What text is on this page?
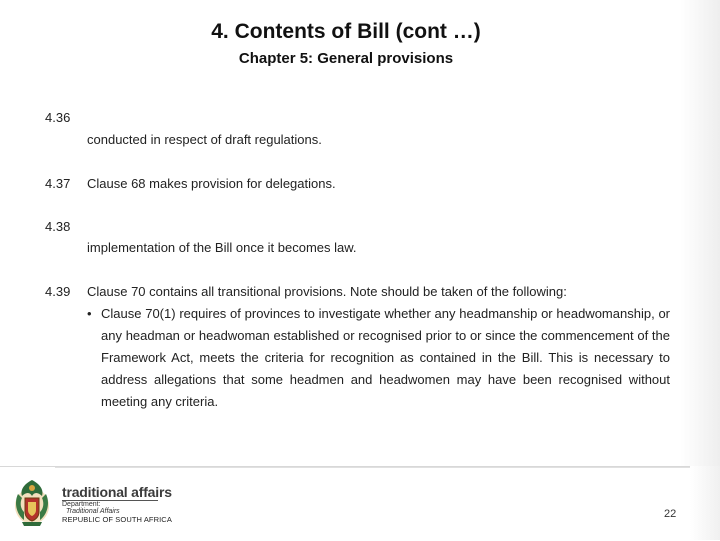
4. Contents of Bill (cont …)
Chapter 5: General provisions
4.36
conducted in respect of draft regulations.
4.37	Clause 68 makes provision for delegations.
4.38
implementation of the Bill once it becomes law.
4.39	Clause 70 contains all transitional provisions. Note should be taken of the following:
• Clause 70(1) requires of provinces to investigate whether any headmanship or headwomanship, or any headman or headwoman established or recognised prior to or since the commencement of the Framework Act, meets the criteria for recognition as contained in the Bill. This is necessary to address allegations that some headmen and headwomen may have been recognised without meeting any criteria.
traditional affairs
Department:
Traditional Affairs
REPUBLIC OF SOUTH AFRICA	22
